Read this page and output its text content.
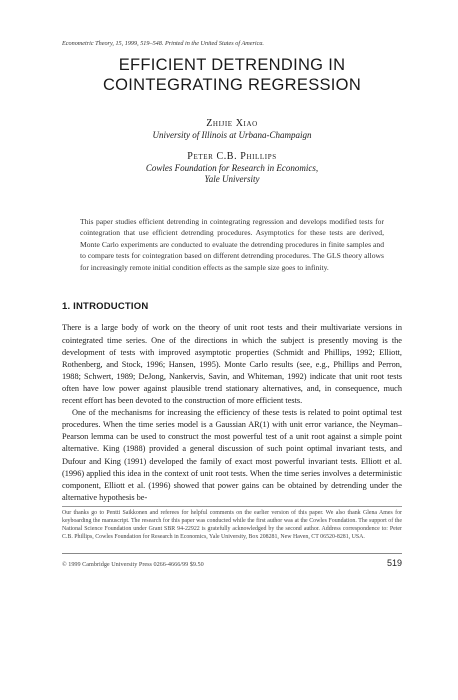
Econometric Theory, 15, 1999, 519–548. Printed in the United States of America.
EFFICIENT DETRENDING IN
COINTEGRATING REGRESSION
Zhijie Xiao
University of Illinois at Urbana-Champaign
Peter C.B. Phillips
Cowles Foundation for Research in Economics,
Yale University
This paper studies efficient detrending in cointegrating regression and develops modified tests for cointegration that use efficient detrending procedures. Asymptotics for these tests are derived, Monte Carlo experiments are conducted to evaluate the detrending procedures in finite samples and to compare tests for cointegration based on different detrending procedures. The GLS theory allows for increasingly remote initial condition effects as the sample size goes to infinity.
1. INTRODUCTION

There is a large body of work on the theory of unit root tests and their multivariate versions in cointegrated time series. One of the directions in which the subject is presently moving is the development of tests with improved asymptotic properties (Schmidt and Phillips, 1992; Elliott, Rothenberg, and Stock, 1996; Hansen, 1995). Monte Carlo results (see, e.g., Phillips and Perron, 1988; Schwert, 1989; DeJong, Nankervis, Savin, and Whiteman, 1992) indicate that unit root tests often have low power against plausible trend stationary alternatives, and, in consequence, much recent effort has been devoted to the construction of more efficient tests.

One of the mechanisms for increasing the efficiency of these tests is related to point optimal test procedures. When the time series model is a Gaussian AR(1) with unit error variance, the Neyman–Pearson lemma can be used to construct the most powerful test of a unit root against a simple point alternative. King (1988) provided a general discussion of such point optimal invariant tests, and Dufour and King (1991) developed the family of exact most powerful invariant tests. Elliott et al. (1996) applied this idea in the context of unit root tests. When the time series involves a deterministic component, Elliott et al. (1996) showed that power gains can be obtained by detrending under the alternative hypothesis be-

Our thanks go to Pentti Saikkonen and referees for helpful comments on the earlier version of this paper. We also thank Glena Ames for keyboarding the manuscript. The research for this paper was conducted while the first author was at the Cowles Foundation. The support of the National Science Foundation under Grant SBR 94-22922 is gratefully acknowledged by the second author. Address correspondence to: Peter C.B. Phillips, Cowles Foundation for Research in Economics, Yale University, Box 208281, New Haven, CT 06520-8281, USA.
© 1999 Cambridge University Press 0266-4666/99 $9.50	519
